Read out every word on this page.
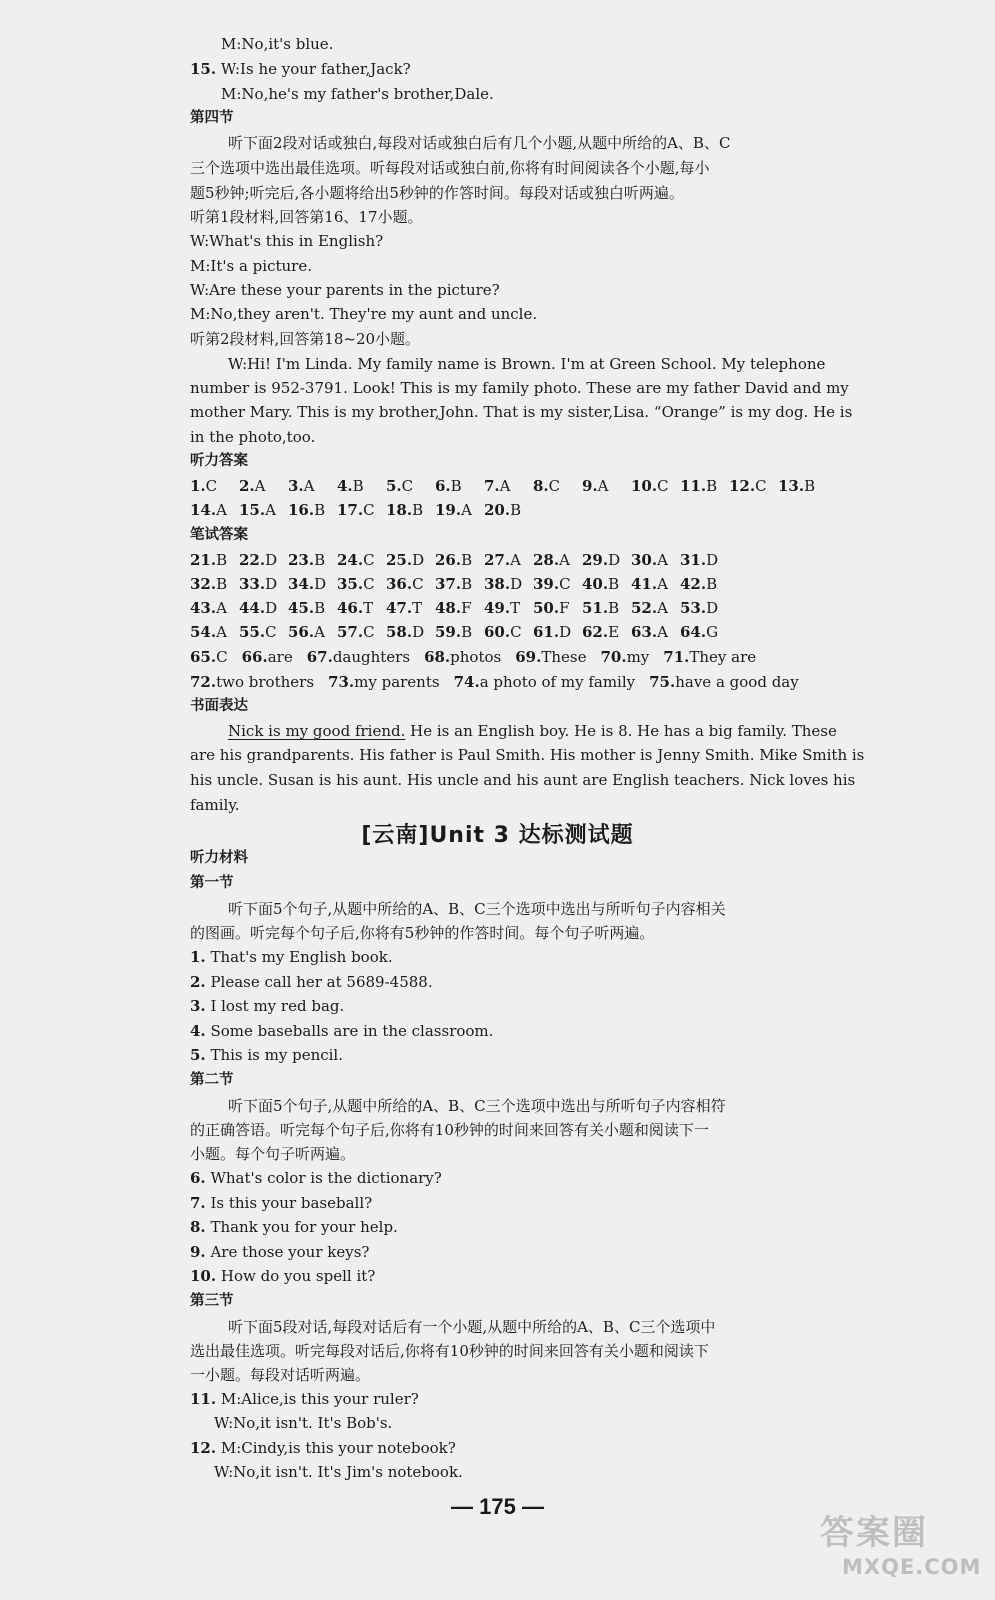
M:No,it's blue.
15. W:Is he your father,Jack?
M:No,he's my father's brother,Dale.
第四节
听下面2段对话或独白,每段对话或独白后有几个小题,从题中所给的A、B、C
三个选项中选出最佳选项。听每段对话或独白前,你将有时间阅读各个小题,每小
题5秒钟;听完后,各小题将给出5秒钟的作答时间。每段对话或独白听两遍。
听第1段材料,回答第16、17小题。
W:What's this in English?
M:It's a picture.
W:Are these your parents in the picture?
M:No,they aren't. They're my aunt and uncle.
听第2段材料,回答第18~20小题。
W:Hi! I'm Linda. My family name is Brown. I'm at Green School. My telephone
number is 952-3791. Look! This is my family photo. These are my father David and my
mother Mary. This is my brother,John. That is my sister,Lisa. “Orange” is my dog. He is
in the photo,too.
听力答案
1.C	2.A	3.A	4.B	5.C	6.B	7.A	8.C	9.A	10.C 11.B 12.C 13.B
14.A 15.A 16.B 17.C 18.B 19.A 20.B
笔试答案
21.B 22.D 23.B 24.C 25.D 26.B 27.A 28.A 29.D 30.A 31.D
32.B 33.D 34.D 35.C 36.C 37.B 38.D 39.C 40.B 41.A 42.B
43.A 44.D 45.B 46.T 47.T 48.F 49.T 50.F 51.B 52.A 53.D
54.A 55.C 56.A 57.C 58.D 59.B 60.C 61.D 62.E 63.A 64.G
65.C 66.are 67.daughters 68.photos 69.These 70.my 71.They are
72.two brothers 73.my parents 74.a photo of my family 75.have a good day
书面表达
Nick is my good friend. He is an English boy. He is 8. He has a big family. These
are his grandparents. His father is Paul Smith. His mother is Jenny Smith. Mike Smith is
his uncle. Susan is his aunt. His uncle and his aunt are English teachers. Nick loves his
family.
[云南]Unit 3 达标测试题
听力材料
第一节
听下面5个句子,从题中所给的A、B、C三个选项中选出与所听句子内容相关
的图画。听完每个句子后,你将有5秒钟的作答时间。每个句子听两遍。
1. That's my English book.
2. Please call her at 5689-4588.
3. I lost my red bag.
4. Some baseballs are in the classroom.
5. This is my pencil.
第二节
听下面5个句子,从题中所给的A、B、C三个选项中选出与所听句子内容相符
的正确答语。听完每个句子后,你将有10秒钟的时间来回答有关小题和阅读下一
小题。每个句子听两遍。
6. What's color is the dictionary?
7. Is this your baseball?
8. Thank you for your help.
9. Are those your keys?
10. How do you spell it?
第三节
听下面5段对话,每段对话后有一个小题,从题中所给的A、B、C三个选项中
选出最佳选项。听完每段对话后,你将有10秒钟的时间来回答有关小题和阅读下
一小题。每段对话听两遍。
11. M:Alice,is this your ruler?
W:No,it isn't. It's Bob's.
12. M:Cindy,is this your notebook?
W:No,it isn't. It's Jim's notebook.
— 175 —
答案圈
MXQE.COM
